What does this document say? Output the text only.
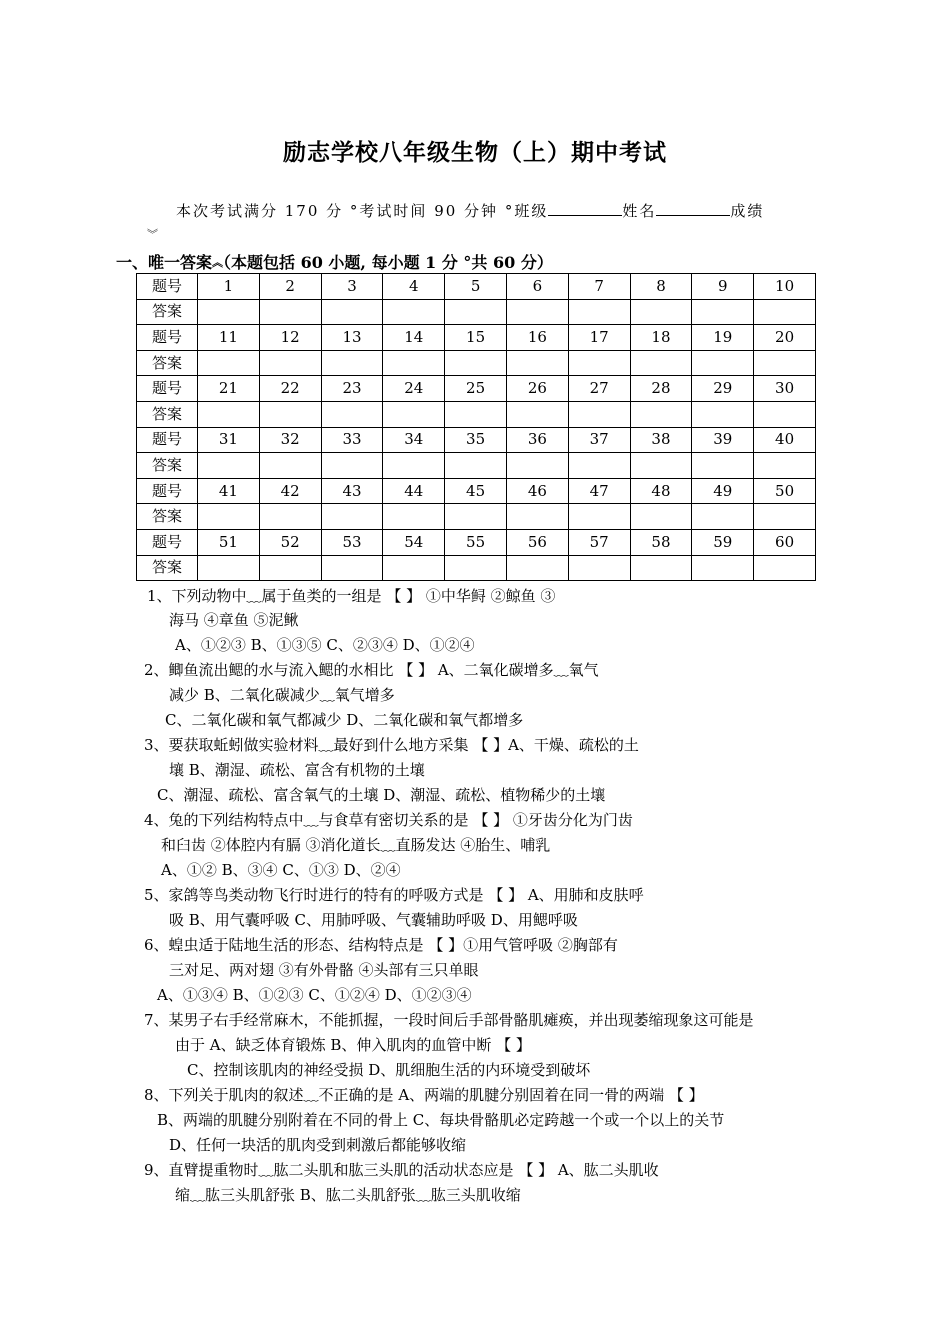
励志学校八年级生物（上）期中考试
本次考试满分 170 分 °考试时间 90 分钟 °班级	姓名	成绩
︾
一、唯一答案︽（本题包括 60 小题, 每小题 1 分 °共 60 分）
题号	1	2	3	4	5	6	7	8	9	10
答案										
题号	11	12	13	14	15	16	17	18	19	20
答案										
题号	21	22	23	24	25	26	27	28	29	30
答案										
题号	31	32	33	34	35	36	37	38	39	40
答案										
题号	41	42	43	44	45	46	47	48	49	50
答案										
题号	51	52	53	54	55	56	57	58	59	60
答案										
1、下列动物中﹏属于鱼类的一组是 【 】 ①中华鲟 ②鲸鱼 ③
海马 ④章鱼 ⑤泥鳅
A、①②③ B、①③⑤ C、②③④ D、①②④
2、鲫鱼流出鳃的水与流入鳃的水相比 【 】 A、二氧化碳增多﹏氧气
减少 B、二氧化碳减少﹏氧气增多
C、二氧化碳和氧气都减少 D、二氧化碳和氧气都增多
3、要获取蚯蚓做实验材料﹏最好到什么地方采集 【 】A、干燥、疏松的土
壤 B、潮湿、疏松、富含有机物的土壤
C、潮湿、疏松、富含氧气的土壤 D、潮湿、疏松、植物稀少的土壤
4、兔的下列结构特点中﹏与食草有密切关系的是 【 】 ①牙齿分化为门齿
和臼齿 ②体腔内有膈 ③消化道长﹏直肠发达 ④胎生、哺乳
A、①② B、③④ C、①③ D、②④
5、家鸽等鸟类动物飞行时进行的特有的呼吸方式是 【 】 A、用肺和皮肤呼
吸 B、用气囊呼吸 C、用肺呼吸、气囊辅助呼吸 D、用鳃呼吸
6、蝗虫适于陆地生活的形态、结构特点是 【 】①用气管呼吸 ②胸部有
三对足、两对翅 ③有外骨骼 ④头部有三只单眼
A、①③④ B、①②③ C、①②④ D、①②③④
7、某男子右手经常麻木，不能抓握，一段时间后手部骨骼肌瘫痪，并出现萎缩现象这可能是
由于 A、缺乏体育锻炼 B、伸入肌肉的血管中断 【 】
C、控制该肌肉的神经受损 D、肌细胞生活的内环境受到破坏
8、下列关于肌肉的叙述﹏不正确的是 A、两端的肌腱分别固着在同一骨的两端 【 】
B、两端的肌腱分别附着在不同的骨上 C、每块骨骼肌必定跨越一个或一个以上的关节
D、任何一块活的肌肉受到刺激后都能够收缩
9、直臂提重物时﹏肱二头肌和肱三头肌的活动状态应是 【 】 A、肱二头肌收
缩﹏肱三头肌舒张 B、肱二头肌舒张﹏肱三头肌收缩
